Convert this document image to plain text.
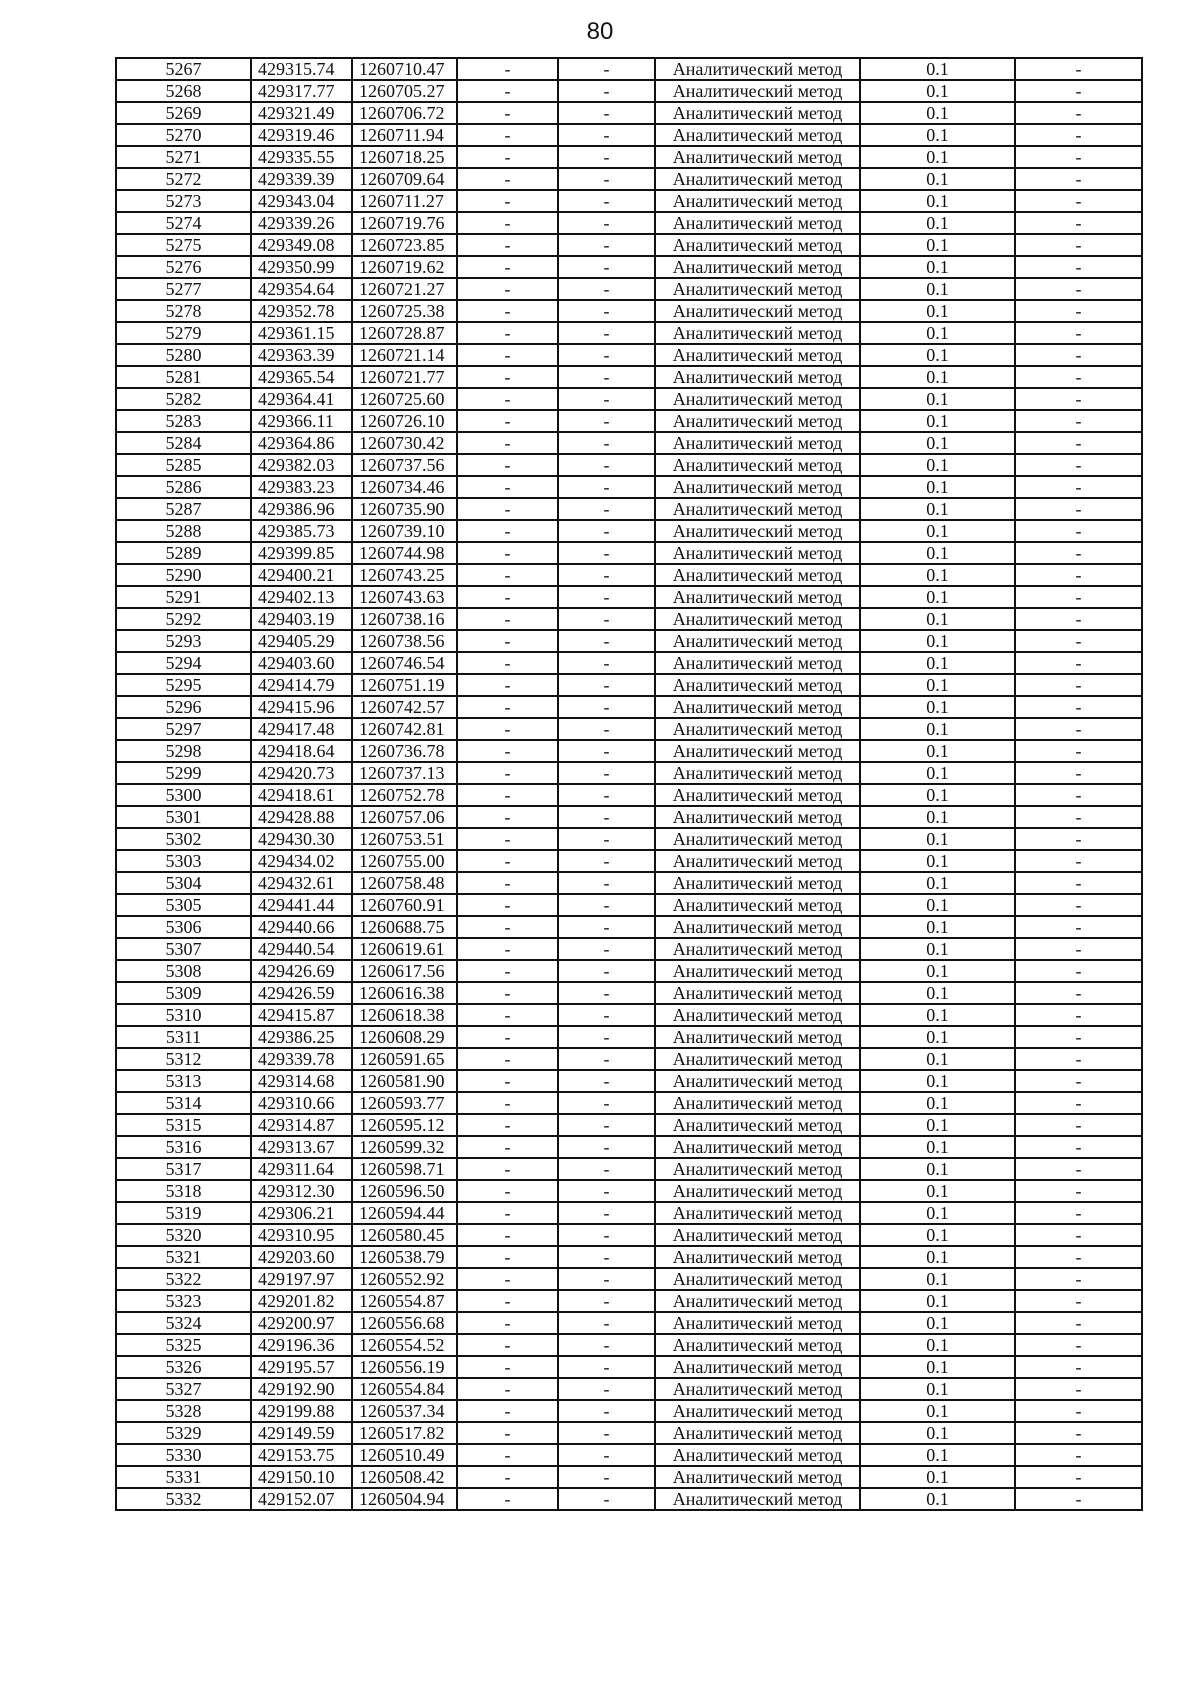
80
5267	429315.74	1260710.47	-	-	Аналитический метод	0.1	-
5268	429317.77	1260705.27	-	-	Аналитический метод	0.1	-
5269	429321.49	1260706.72	-	-	Аналитический метод	0.1	-
5270	429319.46	1260711.94	-	-	Аналитический метод	0.1	-
5271	429335.55	1260718.25	-	-	Аналитический метод	0.1	-
5272	429339.39	1260709.64	-	-	Аналитический метод	0.1	-
5273	429343.04	1260711.27	-	-	Аналитический метод	0.1	-
5274	429339.26	1260719.76	-	-	Аналитический метод	0.1	-
5275	429349.08	1260723.85	-	-	Аналитический метод	0.1	-
5276	429350.99	1260719.62	-	-	Аналитический метод	0.1	-
5277	429354.64	1260721.27	-	-	Аналитический метод	0.1	-
5278	429352.78	1260725.38	-	-	Аналитический метод	0.1	-
5279	429361.15	1260728.87	-	-	Аналитический метод	0.1	-
5280	429363.39	1260721.14	-	-	Аналитический метод	0.1	-
5281	429365.54	1260721.77	-	-	Аналитический метод	0.1	-
5282	429364.41	1260725.60	-	-	Аналитический метод	0.1	-
5283	429366.11	1260726.10	-	-	Аналитический метод	0.1	-
5284	429364.86	1260730.42	-	-	Аналитический метод	0.1	-
5285	429382.03	1260737.56	-	-	Аналитический метод	0.1	-
5286	429383.23	1260734.46	-	-	Аналитический метод	0.1	-
5287	429386.96	1260735.90	-	-	Аналитический метод	0.1	-
5288	429385.73	1260739.10	-	-	Аналитический метод	0.1	-
5289	429399.85	1260744.98	-	-	Аналитический метод	0.1	-
5290	429400.21	1260743.25	-	-	Аналитический метод	0.1	-
5291	429402.13	1260743.63	-	-	Аналитический метод	0.1	-
5292	429403.19	1260738.16	-	-	Аналитический метод	0.1	-
5293	429405.29	1260738.56	-	-	Аналитический метод	0.1	-
5294	429403.60	1260746.54	-	-	Аналитический метод	0.1	-
5295	429414.79	1260751.19	-	-	Аналитический метод	0.1	-
5296	429415.96	1260742.57	-	-	Аналитический метод	0.1	-
5297	429417.48	1260742.81	-	-	Аналитический метод	0.1	-
5298	429418.64	1260736.78	-	-	Аналитический метод	0.1	-
5299	429420.73	1260737.13	-	-	Аналитический метод	0.1	-
5300	429418.61	1260752.78	-	-	Аналитический метод	0.1	-
5301	429428.88	1260757.06	-	-	Аналитический метод	0.1	-
5302	429430.30	1260753.51	-	-	Аналитический метод	0.1	-
5303	429434.02	1260755.00	-	-	Аналитический метод	0.1	-
5304	429432.61	1260758.48	-	-	Аналитический метод	0.1	-
5305	429441.44	1260760.91	-	-	Аналитический метод	0.1	-
5306	429440.66	1260688.75	-	-	Аналитический метод	0.1	-
5307	429440.54	1260619.61	-	-	Аналитический метод	0.1	-
5308	429426.69	1260617.56	-	-	Аналитический метод	0.1	-
5309	429426.59	1260616.38	-	-	Аналитический метод	0.1	-
5310	429415.87	1260618.38	-	-	Аналитический метод	0.1	-
5311	429386.25	1260608.29	-	-	Аналитический метод	0.1	-
5312	429339.78	1260591.65	-	-	Аналитический метод	0.1	-
5313	429314.68	1260581.90	-	-	Аналитический метод	0.1	-
5314	429310.66	1260593.77	-	-	Аналитический метод	0.1	-
5315	429314.87	1260595.12	-	-	Аналитический метод	0.1	-
5316	429313.67	1260599.32	-	-	Аналитический метод	0.1	-
5317	429311.64	1260598.71	-	-	Аналитический метод	0.1	-
5318	429312.30	1260596.50	-	-	Аналитический метод	0.1	-
5319	429306.21	1260594.44	-	-	Аналитический метод	0.1	-
5320	429310.95	1260580.45	-	-	Аналитический метод	0.1	-
5321	429203.60	1260538.79	-	-	Аналитический метод	0.1	-
5322	429197.97	1260552.92	-	-	Аналитический метод	0.1	-
5323	429201.82	1260554.87	-	-	Аналитический метод	0.1	-
5324	429200.97	1260556.68	-	-	Аналитический метод	0.1	-
5325	429196.36	1260554.52	-	-	Аналитический метод	0.1	-
5326	429195.57	1260556.19	-	-	Аналитический метод	0.1	-
5327	429192.90	1260554.84	-	-	Аналитический метод	0.1	-
5328	429199.88	1260537.34	-	-	Аналитический метод	0.1	-
5329	429149.59	1260517.82	-	-	Аналитический метод	0.1	-
5330	429153.75	1260510.49	-	-	Аналитический метод	0.1	-
5331	429150.10	1260508.42	-	-	Аналитический метод	0.1	-
5332	429152.07	1260504.94	-	-	Аналитический метод	0.1	-
